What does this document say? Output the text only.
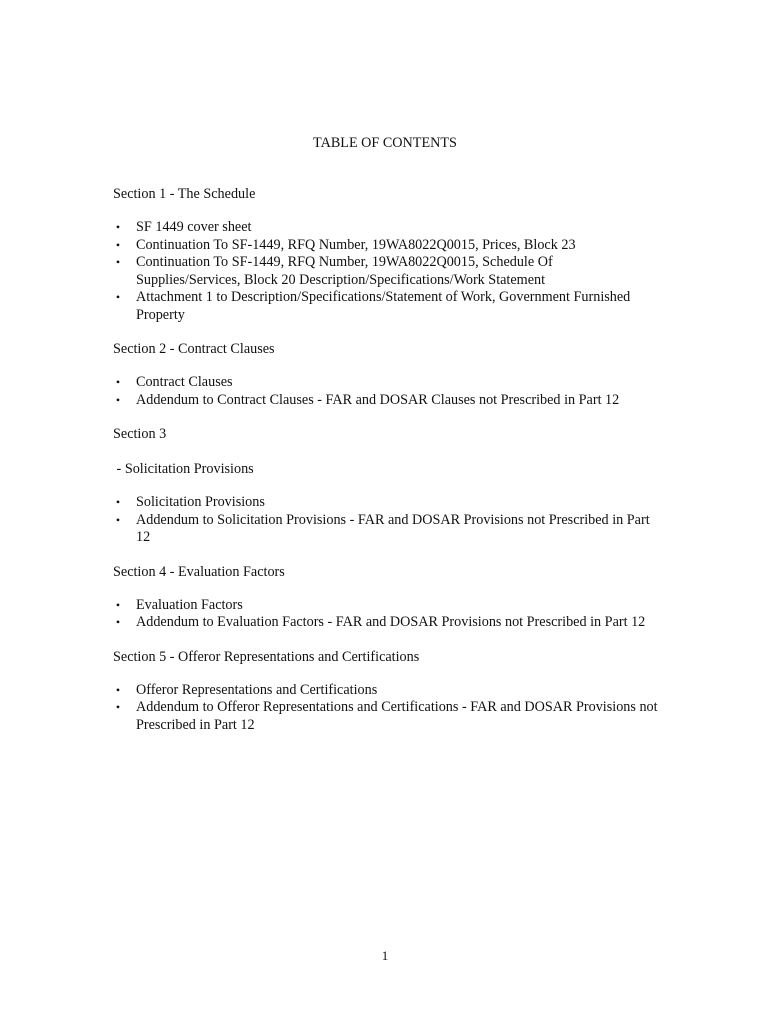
TABLE OF CONTENTS

Section 1 - The Schedule

• SF 1449 cover sheet
• Continuation To SF-1449, RFQ Number, 19WA8022Q0015, Prices, Block 23
• Continuation To SF-1449, RFQ Number, 19WA8022Q0015, Schedule Of Supplies/Services, Block 20 Description/Specifications/Work Statement
• Attachment 1 to Description/Specifications/Statement of Work, Government Furnished Property

Section 2 - Contract Clauses

• Contract Clauses
• Addendum to Contract Clauses - FAR and DOSAR Clauses not Prescribed in Part 12

Section 3

- Solicitation Provisions

• Solicitation Provisions
• Addendum to Solicitation Provisions - FAR and DOSAR Provisions not Prescribed in Part 12

Section 4 - Evaluation Factors

• Evaluation Factors
• Addendum to Evaluation Factors - FAR and DOSAR Provisions not Prescribed in Part 12

Section 5 - Offeror Representations and Certifications

• Offeror Representations and Certifications
• Addendum to Offeror Representations and Certifications - FAR and DOSAR Provisions not Prescribed in Part 12
1
